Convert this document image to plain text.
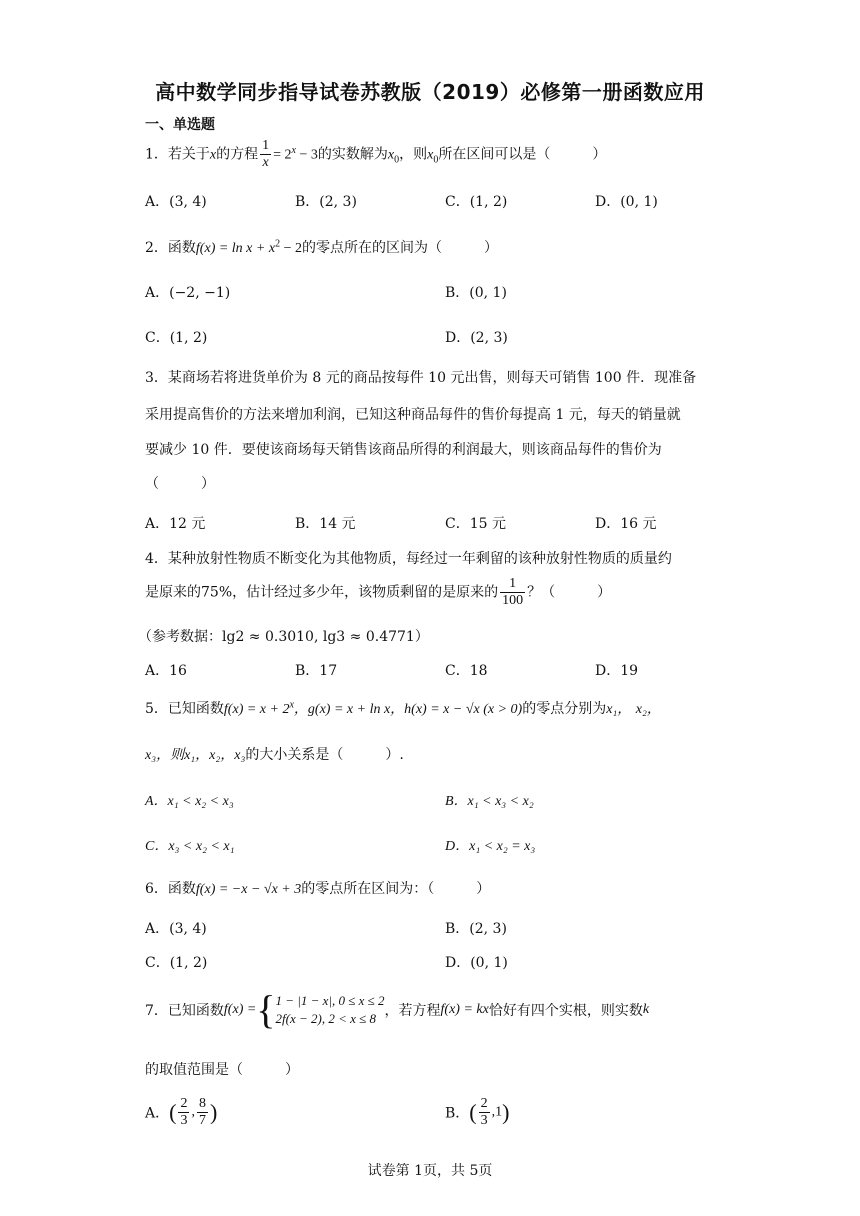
高中数学同步指导试卷苏教版（2019）必修第一册函数应用
一、单选题
1．若关于x的方程 $\frac{1}{x} = 2^x - 3$的实数解为$x_0$，则$x_0$所在区间可以是（　　　）
A．(3, 4)	B．(2, 3)	C．(1, 2)	D．(0, 1)
2．函数$f(x) = \ln x + x^2 - 2$的零点所在的区间为（　　　）
A．(−2, −1)	B．(0, 1)
C．(1, 2)	D．(2, 3)
3．某商场若将进货单价为 8 元的商品按每件 10 元出售，则每天可销售 100 件．现准备
采用提高售价的方法来增加利润，已知这种商品每件的售价每提高 1 元，每天的销量就
要减少 10 件．要使该商场每天销售该商品所得的利润最大，则该商品每件的售价为
（　　　）
A．12 元	B．14 元	C．15 元	D．16 元
4．某种放射性物质不断变化为其他物质，每经过一年剩留的该种放射性物质的质量约
是原来的75%，估计经过多少年，该物质剩留的是原来的 $\frac{1}{100}$ ？（　　　）
（参考数据：lg2 ≈ 0.3010, lg3 ≈ 0.4771）
A．16	B．17	C．18	D．19
5．已知函数$f(x) = x + 2^x$，g(x) = x + ln x，h(x) = x − √x (x > 0)的零点分别为x₁， x₂，
x₃，则x₁，x₂，x₃的大小关系是（　　　）.
A．x₁ < x₂ < x₃	B．x₁ < x₃ < x₂
C．x₃ < x₂ < x₁	D．x₁ < x₂ = x₃
6．函数f(x) = −x − √x + 3的零点所在区间为：（　　　）
A．(3, 4)	B．(2, 3)
C．(1, 2)	D．(0, 1)
7．已知函数f(x) ={ 1 − |1 − x|, 0 ≤ x ≤ 2
2f(x − 2), 2 < x ≤ 8 ，若方程f(x) = kx恰好有四个实根，则实数k
的取值范围是（　　　）
A．( $\frac{2}{3}$ , $\frac{8}{7}$ )	B．( $\frac{2}{3} ,1$)
试卷第 1页，共 5页
